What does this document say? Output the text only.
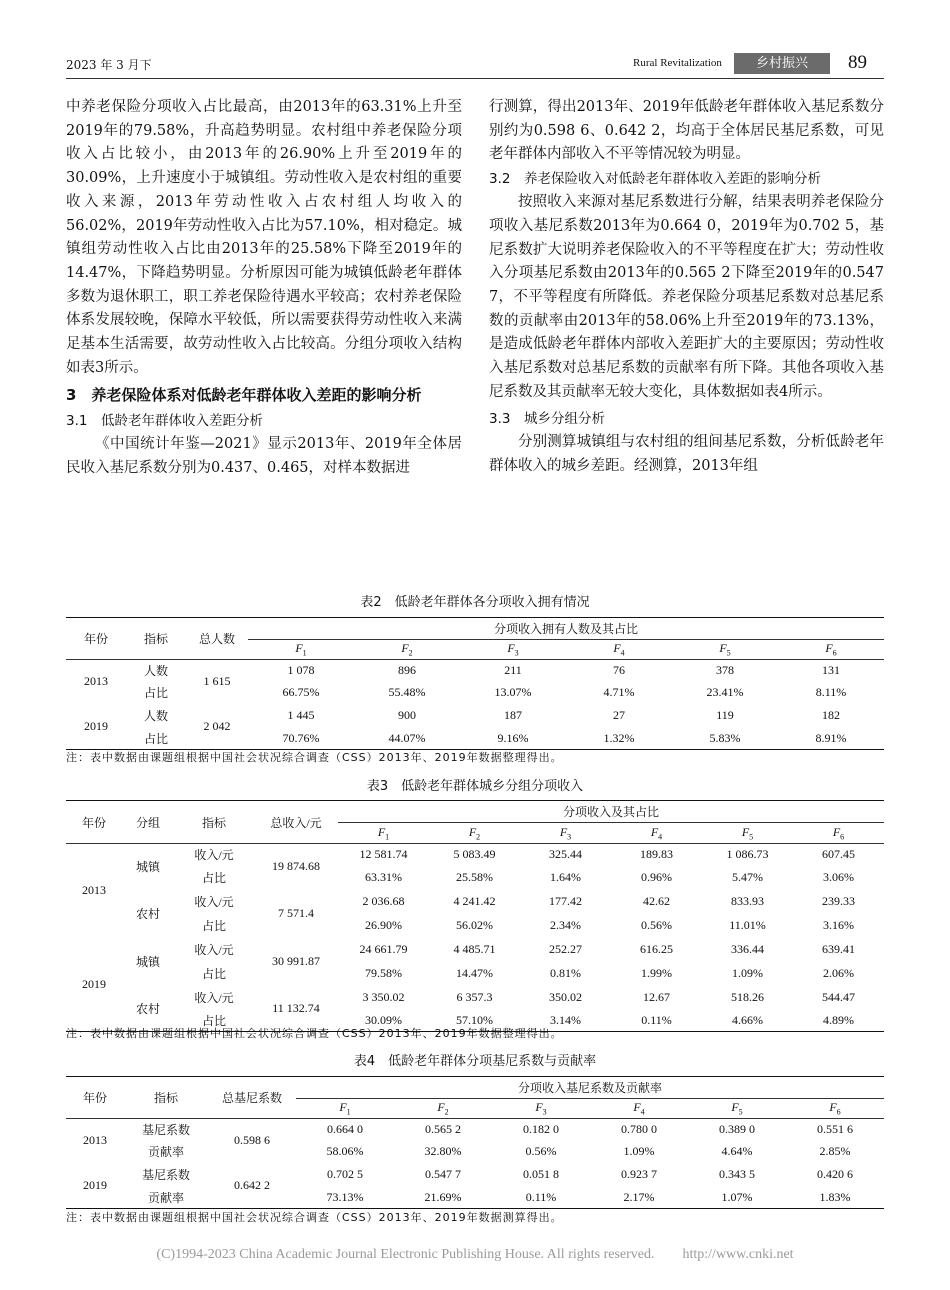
2023 年 3 月下	Rural Revitalization	乡村振兴	89

中养老保险分项收入占比最高，由2013年的63.31%上升至2019年的79.58%，升高趋势明显。农村组中养老保险分项收入占比较小，由2013年的26.90%上升至2019年的30.09%，上升速度小于城镇组。劳动性收入是农村组的重要收入来源，2013年劳动性收入占农村组人均收入的56.02%，2019年劳动性收入占比为57.10%，相对稳定。城镇组劳动性收入占比由2013年的25.58%下降至2019年的14.47%，下降趋势明显。分析原因可能为城镇低龄老年群体多数为退休职工，职工养老保险待遇水平较高；农村养老保险体系发展较晚，保障水平较低，所以需要获得劳动性收入来满足基本生活需要，故劳动性收入占比较高。分组分项收入结构如表3所示。

3　养老保险体系对低龄老年群体收入差距的影响分析

3.1　低龄老年群体收入差距分析

《中国统计年鉴—2021》显示2013年、2019年全体居民收入基尼系数分别为0.437、0.465，对样本数据进

行测算，得出2013年、2019年低龄老年群体收入基尼系数分别约为0.598 6、0.642 2，均高于全体居民基尼系数，可见老年群体内部收入不平等情况较为明显。

3.2　养老保险收入对低龄老年群体收入差距的影响分析

按照收入来源对基尼系数进行分解，结果表明养老保险分项收入基尼系数2013年为0.664 0，2019年为0.702 5，基尼系数扩大说明养老保险收入的不平等程度在扩大；劳动性收入分项基尼系数由2013年的0.565 2下降至2019年的0.547 7，不平等程度有所降低。养老保险分项基尼系数对总基尼系数的贡献率由2013年的58.06%上升至2019年的73.13%，是造成低龄老年群体内部收入差距扩大的主要原因；劳动性收入基尼系数对总基尼系数的贡献率有所下降。其他各项收入基尼系数及其贡献率无较大变化，具体数据如表4所示。

3.3　城乡分组分析

分别测算城镇组与农村组的组间基尼系数，分析低龄老年群体收入的城乡差距。经测算，2013年组

表2　低龄老年群体各分项收入拥有情况
年份	指标	总人数	分项收入拥有人数及其占比					
			$F_1$	$F_2$	$F_3$	$F_4$	$F_5$	$F_6$
2013	人数	1 615	1 078	896	211	76	378	131
	占比		66.75%	55.48%	13.07%	4.71%	23.41%	8.11%
2019	人数	2 042	1 445	900	187	27	119	182
	占比		70.76%	44.07%	9.16%	1.32%	5.83%	8.91%
注：表中数据由课题组根据中国社会状况综合调查（CSS）2013年、2019年数据整理得出。
表3　低龄老年群体城乡分组分项收入
年份	分组	指标	总收入/元	分项收入及其占比					
				$F_1$	$F_2$	$F_3$	$F_4$	$F_5$	$F_6$
2013	城镇	收入/元	19 874.68	12 581.74	5 083.49	325.44	189.83	1 086.73	607.45
		占比		63.31%	25.58%	1.64%	0.96%	5.47%	3.06%
	农村	收入/元	7 571.4	2 036.68	4 241.42	177.42	42.62	833.93	239.33
		占比		26.90%	56.02%	2.34%	0.56%	11.01%	3.16%
2019	城镇	收入/元	30 991.87	24 661.79	4 485.71	252.27	616.25	336.44	639.41
		占比		79.58%	14.47%	0.81%	1.99%	1.09%	2.06%
	农村	收入/元	11 132.74	3 350.02	6 357.3	350.02	12.67	518.26	544.47
		占比		30.09%	57.10%	3.14%	0.11%	4.66%	4.89%
注：表中数据由课题组根据中国社会状况综合调查（CSS）2013年、2019年数据整理得出。
表4　低龄老年群体分项基尼系数与贡献率
年份	指标	总基尼系数	分项收入基尼系数及贡献率					
			$F_1$	$F_2$	$F_3$	$F_4$	$F_5$	$F_6$
2013	基尼系数	0.598 6	0.664 0	0.565 2	0.182 0	0.780 0	0.389 0	0.551 6
	贡献率		58.06%	32.80%	0.56%	1.09%	4.64%	2.85%
2019	基尼系数	0.642 2	0.702 5	0.547 7	0.051 8	0.923 7	0.343 5	0.420 6
	贡献率		73.13%	21.69%	0.11%	2.17%	1.07%	1.83%
注：表中数据由课题组根据中国社会状况综合调查（CSS）2013年、2019年数据测算得出。
(C)1994-2023 China Academic Journal Electronic Publishing House. All rights reserved.　　http://www.cnki.net
